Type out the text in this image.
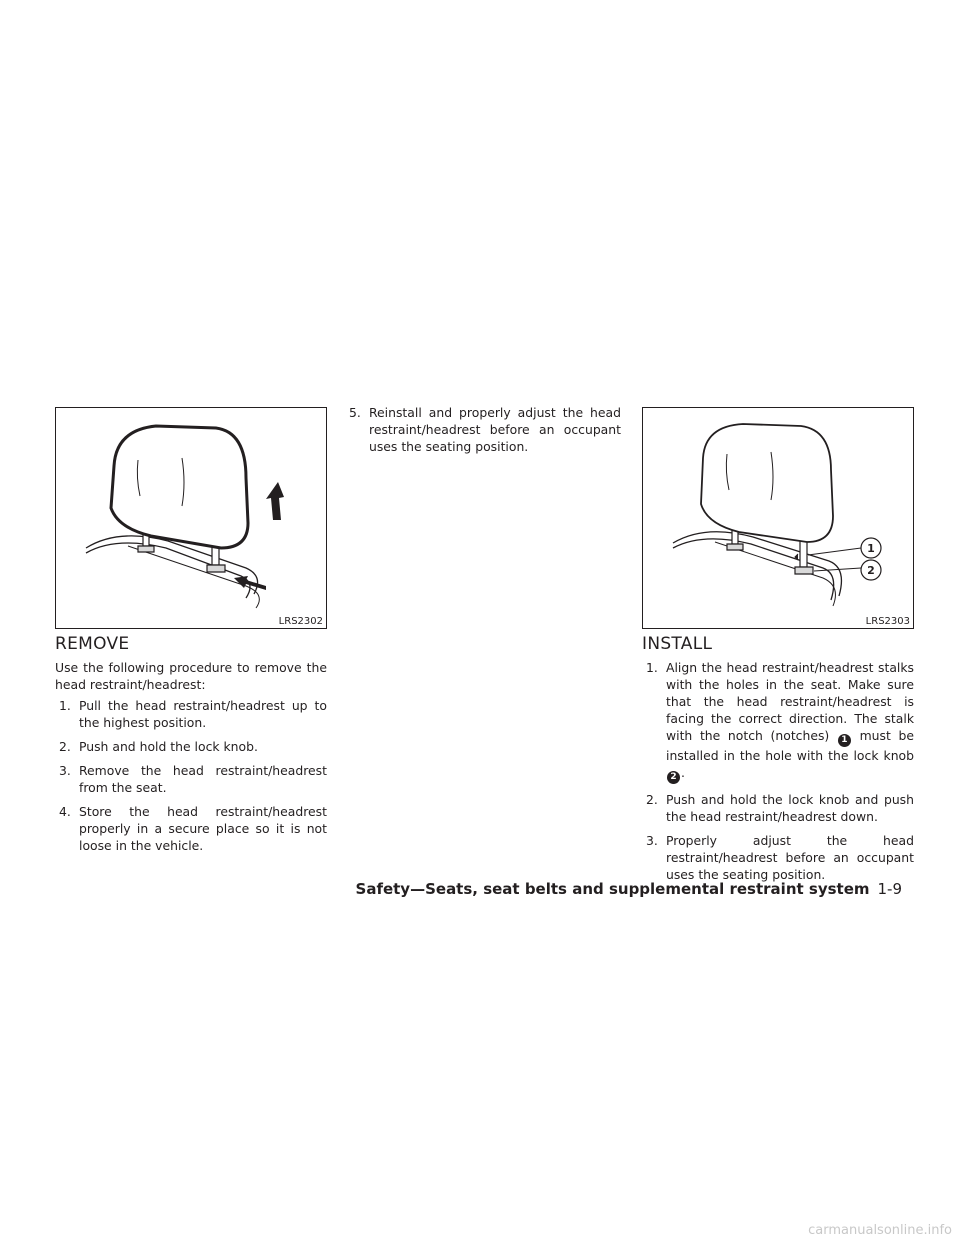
LRS2302
REMOVE

Use the following procedure to remove the head restraint/headrest:

1. Pull the head restraint/headrest up to the highest position.
2. Push and hold the lock knob.
3. Remove the head restraint/headrest from the seat.
4. Store the head restraint/headrest properly in a secure place so it is not loose in the vehicle.
5. Reinstall and properly adjust the head restraint/headrest before an occupant uses the seating position.
1
2
LRS2303
INSTALL
1. Align the head restraint/headrest stalks with the holes in the seat. Make sure that the head restraint/headrest is facing the correct direction. The stalk with the notch (notches) 1 must be installed in the hole with the lock knob 2 .
2. Push and hold the lock knob and push the head restraint/headrest down.
3. Properly adjust the head restraint/headrest before an occupant uses the seating position.
Safety—Seats, seat belts and supplemental restraint system 1-9
carmanualsonline.info
